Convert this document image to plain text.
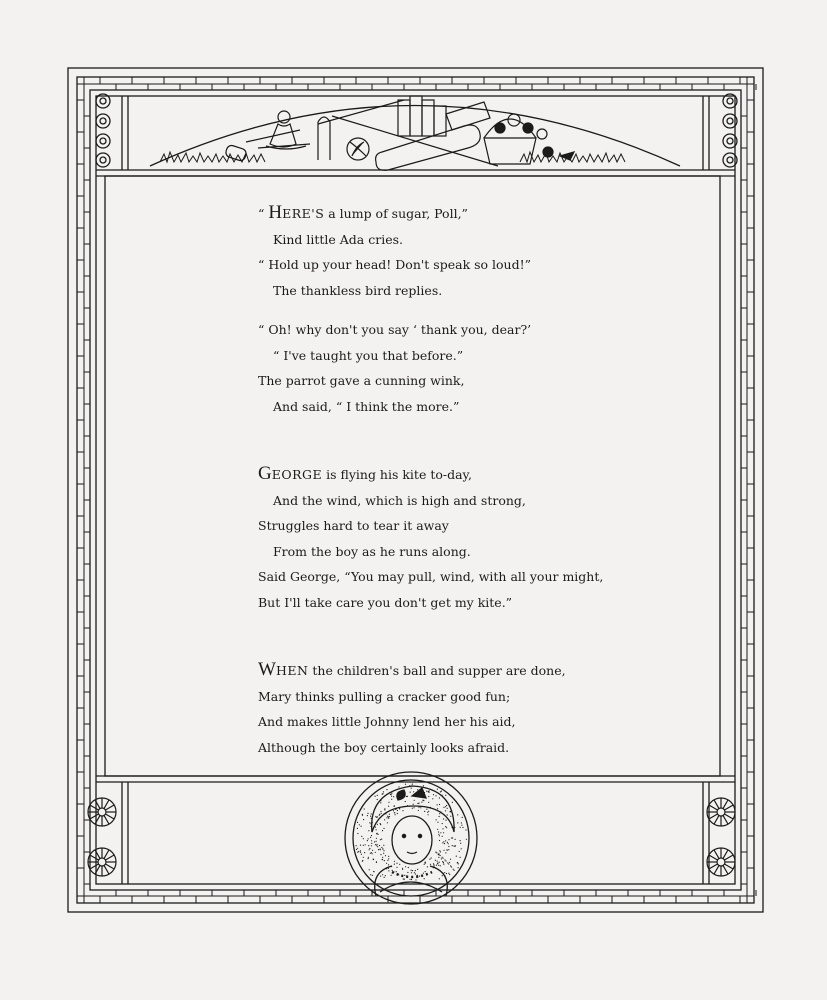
“ HERE'S a lump of sugar, Poll,”
Kind little Ada cries.
“ Hold up your head! Don't speak so loud!”
The thankless bird replies.
“ Oh! why don't you say ‘ thank you, dear?’
“ I've taught you that before.”
The parrot gave a cunning wink,
And said, “ I think the more.”
GEORGE is flying his kite to-day,
And the wind, which is high and strong,
Struggles hard to tear it away
From the boy as he runs along.
Said George, “You may pull, wind, with all your might,
But I'll take care you don't get my kite.”
WHEN the children's ball and supper are done,
Mary thinks pulling a cracker good fun;
And makes little Johnny lend her his aid,
Although the boy certainly looks afraid.
